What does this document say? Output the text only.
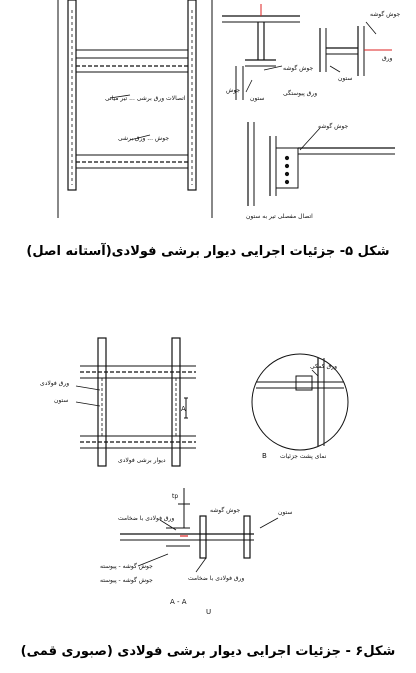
اتصالات ورق برشی ... تیر میانی
جوش ... ورق برشی
جوش گوشه
جوش
ستون
ورق پیوستگی
جوش گوشه
ورق
ستون
جوش گوشه
اتصال مفصلی تیر به ستون
شکل ۵- جزئیات اجرایی دیوار برشی فولادی(آستانه اصل)
ورق فولادی
ستون
A
دیوار برشی فولادی
ورق کمکی
B نمای پشت جزئیات
ورق فولادی با ضخامت
جوش گوشه	ستون
جوش گوشه - پیوسته
ورق فولادی با ضخامت
جوش گوشه - پیوسته
tp
A - A
U
شکل۶ - جزئیات اجرایی دیوار برشی فولادی (صبوری قمی)
